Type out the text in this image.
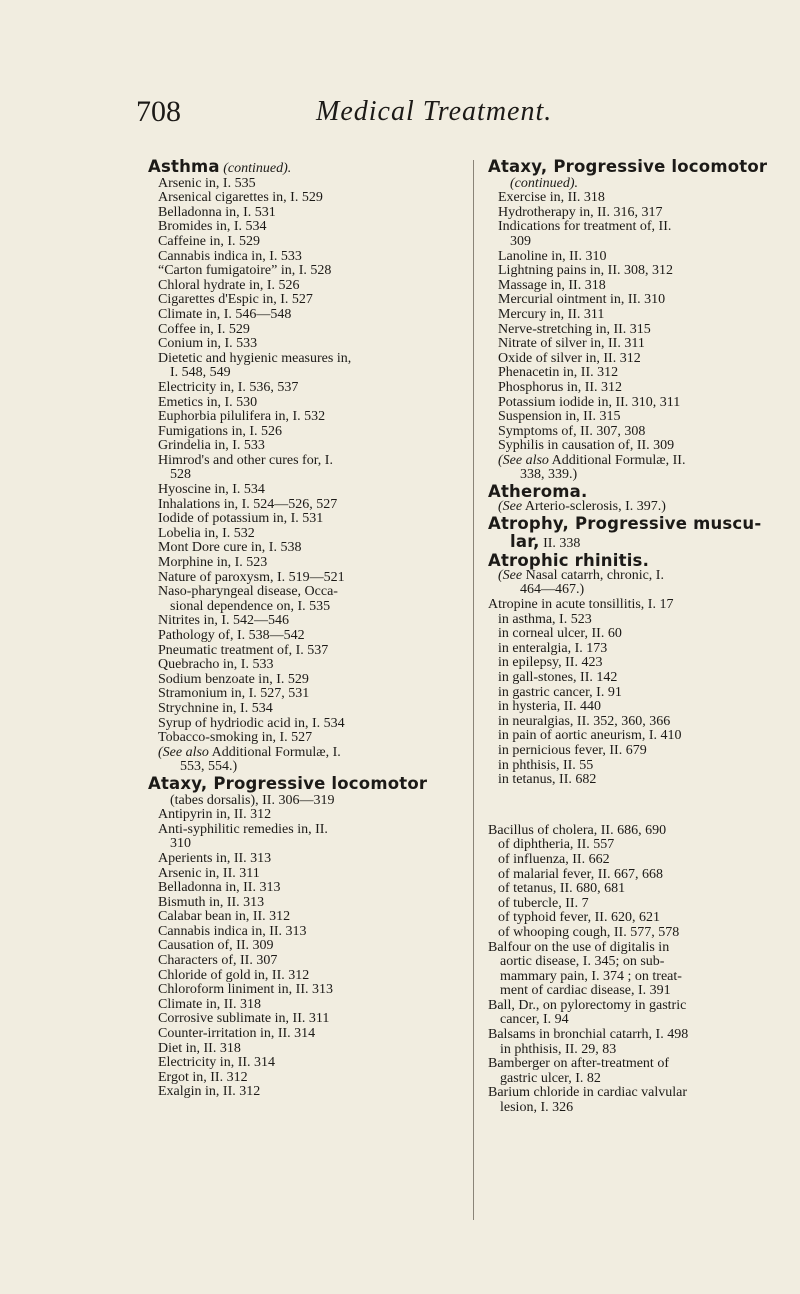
708	Medical Treatment.
Asthma (continued).
Arsenic in, I. 535
Arsenical cigarettes in, I. 529
Belladonna in, I. 531
Bromides in, I. 534
Caffeine in, I. 529
Cannabis indica in, I. 533
“Carton fumigatoire” in, I. 528
Chloral hydrate in, I. 526
Cigarettes d'Espic in, I. 527
Climate in, I. 546—548
Coffee in, I. 529
Conium in, I. 533
Dietetic and hygienic measures in,
I. 548, 549
Electricity in, I. 536, 537
Emetics in, I. 530
Euphorbia pilulifera in, I. 532
Fumigations in, I. 526
Grindelia in, I. 533
Himrod's and other cures for, I.
528
Hyoscine in, I. 534
Inhalations in, I. 524—526, 527
Iodide of potassium in, I. 531
Lobelia in, I. 532
Mont Dore cure in, I. 538
Morphine in, I. 523
Nature of paroxysm, I. 519—521
Naso-pharyngeal disease, Occa-
sional dependence on, I. 535
Nitrites in, I. 542—546
Pathology of, I. 538—542
Pneumatic treatment of, I. 537
Quebracho in, I. 533
Sodium benzoate in, I. 529
Stramonium in, I. 527, 531
Strychnine in, I. 534
Syrup of hydriodic acid in, I. 534
Tobacco-smoking in, I. 527
(See also Additional Formulæ, I.
553, 554.)
Ataxy, Progressive locomotor
(tabes dorsalis), II. 306—319
Antipyrin in, II. 312
Anti-syphilitic remedies in, II.
310
Aperients in, II. 313
Arsenic in, II. 311
Belladonna in, II. 313
Bismuth in, II. 313
Calabar bean in, II. 312
Cannabis indica in, II. 313
Causation of, II. 309
Characters of, II. 307
Chloride of gold in, II. 312
Chloroform liniment in, II. 313
Climate in, II. 318
Corrosive sublimate in, II. 311
Counter-irritation in, II. 314
Diet in, II. 318
Electricity in, II. 314
Ergot in, II. 312
Exalgin in, II. 312
Ataxy, Progressive locomotor
(continued).
Exercise in, II. 318
Hydrotherapy in, II. 316, 317
Indications for treatment of, II.
309
Lanoline in, II. 310
Lightning pains in, II. 308, 312
Massage in, II. 318
Mercurial ointment in, II. 310
Mercury in, II. 311
Nerve-stretching in, II. 315
Nitrate of silver in, II. 311
Oxide of silver in, II. 312
Phenacetin in, II. 312
Phosphorus in, II. 312
Potassium iodide in, II. 310, 311
Suspension in, II. 315
Symptoms of, II. 307, 308
Syphilis in causation of, II. 309
(See also Additional Formulæ, II.
338, 339.)
Atheroma.
(See Arterio-sclerosis, I. 397.)
Atrophy, Progressive muscu-
lar, II. 338
Atrophic rhinitis.
(See Nasal catarrh, chronic, I.
464—467.)
Atropine in acute tonsillitis, I. 17
in asthma, I. 523
in corneal ulcer, II. 60
in enteralgia, I. 173
in epilepsy, II. 423
in gall-stones, II. 142
in gastric cancer, I. 91
in hysteria, II. 440
in neuralgias, II. 352, 360, 366
in pain of aortic aneurism, I. 410
in pernicious fever, II. 679
in phthisis, II. 55
in tetanus, II. 682
Bacillus of cholera, II. 686, 690
of diphtheria, II. 557
of influenza, II. 662
of malarial fever, II. 667, 668
of tetanus, II. 680, 681
of tubercle, II. 7
of typhoid fever, II. 620, 621
of whooping cough, II. 577, 578
Balfour on the use of digitalis in
aortic disease, I. 345; on sub-
mammary pain, I. 374 ; on treat-
ment of cardiac disease, I. 391
Ball, Dr., on pylorectomy in gastric
cancer, I. 94
Balsams in bronchial catarrh, I. 498
in phthisis, II. 29, 83
Bamberger on after-treatment of
gastric ulcer, I. 82
Barium chloride in cardiac valvular
lesion, I. 326
